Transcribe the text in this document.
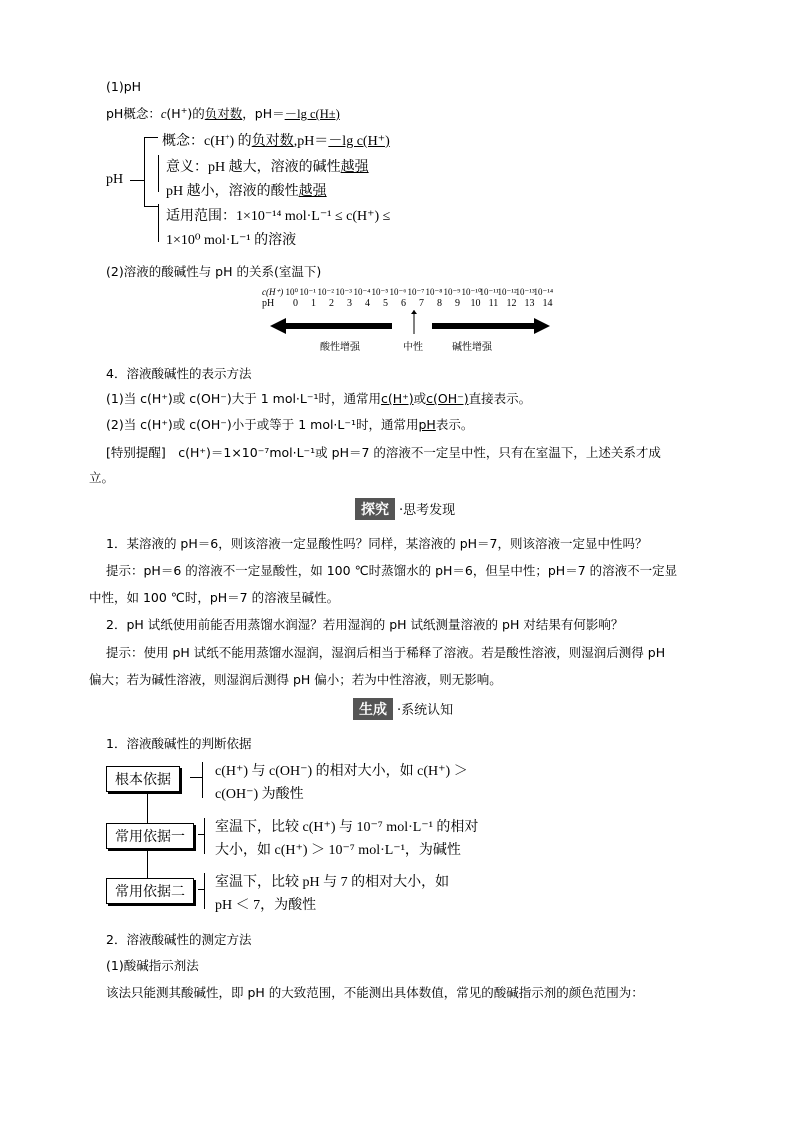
(1)pH
pH概念：c(H+)的负对数，pH＝－lg c(H±)
pH
概念：c(H+) 的负对数,pH＝－lg c(H⁺)
意义：pH 越大，溶液的碱性越强
pH 越小，溶液的酸性越强
适用范围：1×10⁻¹⁴ mol·L⁻¹ ≤ c(H⁺) ≤
1×10⁰ mol·L⁻¹ 的溶液
(2)溶液的酸碱性与 pH 的关系(室温下)
c(H⁺) 10⁰10⁻¹ 10⁻² 10⁻³ 10⁻⁴10⁻⁵10⁻⁶10⁻⁷10⁻⁸10⁻⁹10⁻¹⁰10⁻¹¹10⁻¹²10⁻¹³10⁻¹⁴
pH 0 1 2 3 4 5 6 7 8 9 10 11 12 13 14
酸性增强	中性	碱性增强
4．溶液酸碱性的表示方法
(1)当 c(H⁺)或 c(OH⁻)大于 1 mol·L⁻¹时，通常用c(H⁺)或c(OH⁻)直接表示。
(2)当 c(H⁺)或 c(OH⁻)小于或等于 1 mol·L⁻¹时，通常用pH表示。
[特别提醒]　c(H⁺)＝1×10⁻⁷mol·L⁻¹或 pH＝7 的溶液不一定呈中性，只有在室温下，上述关系才成
立。
探究 ·思考发现
1．某溶液的 pH＝6，则该溶液一定显酸性吗？同样，某溶液的 pH＝7，则该溶液一定显中性吗？
提示：pH＝6 的溶液不一定显酸性，如 100 ℃时蒸馏水的 pH＝6，但呈中性；pH＝7 的溶液不一定显
中性，如 100 ℃时，pH＝7 的溶液呈碱性。
2．pH 试纸使用前能否用蒸馏水润湿？若用湿润的 pH 试纸测量溶液的 pH 对结果有何影响？
提示：使用 pH 试纸不能用蒸馏水湿润，湿润后相当于稀释了溶液。若是酸性溶液，则湿润后测得 pH
偏大；若为碱性溶液，则湿润后测得 pH 偏小；若为中性溶液，则无影响。
生成 ·系统认知
1．溶液酸碱性的判断依据
根本依据
c(H⁺) 与 c(OH⁻) 的相对大小，如 c(H⁺) ＞
c(OH⁻) 为酸性
常用依据一
室温下，比较 c(H⁺) 与 10⁻⁷ mol·L⁻¹ 的相对
大小，如 c(H⁺) ＞ 10⁻⁷ mol·L⁻¹，为碱性
常用依据二
室温下，比较 pH 与 7 的相对大小，如
pH ＜ 7，为酸性
2．溶液酸碱性的测定方法
(1)酸碱指示剂法
该法只能测其酸碱性，即 pH 的大致范围，不能测出具体数值，常见的酸碱指示剂的颜色范围为：
